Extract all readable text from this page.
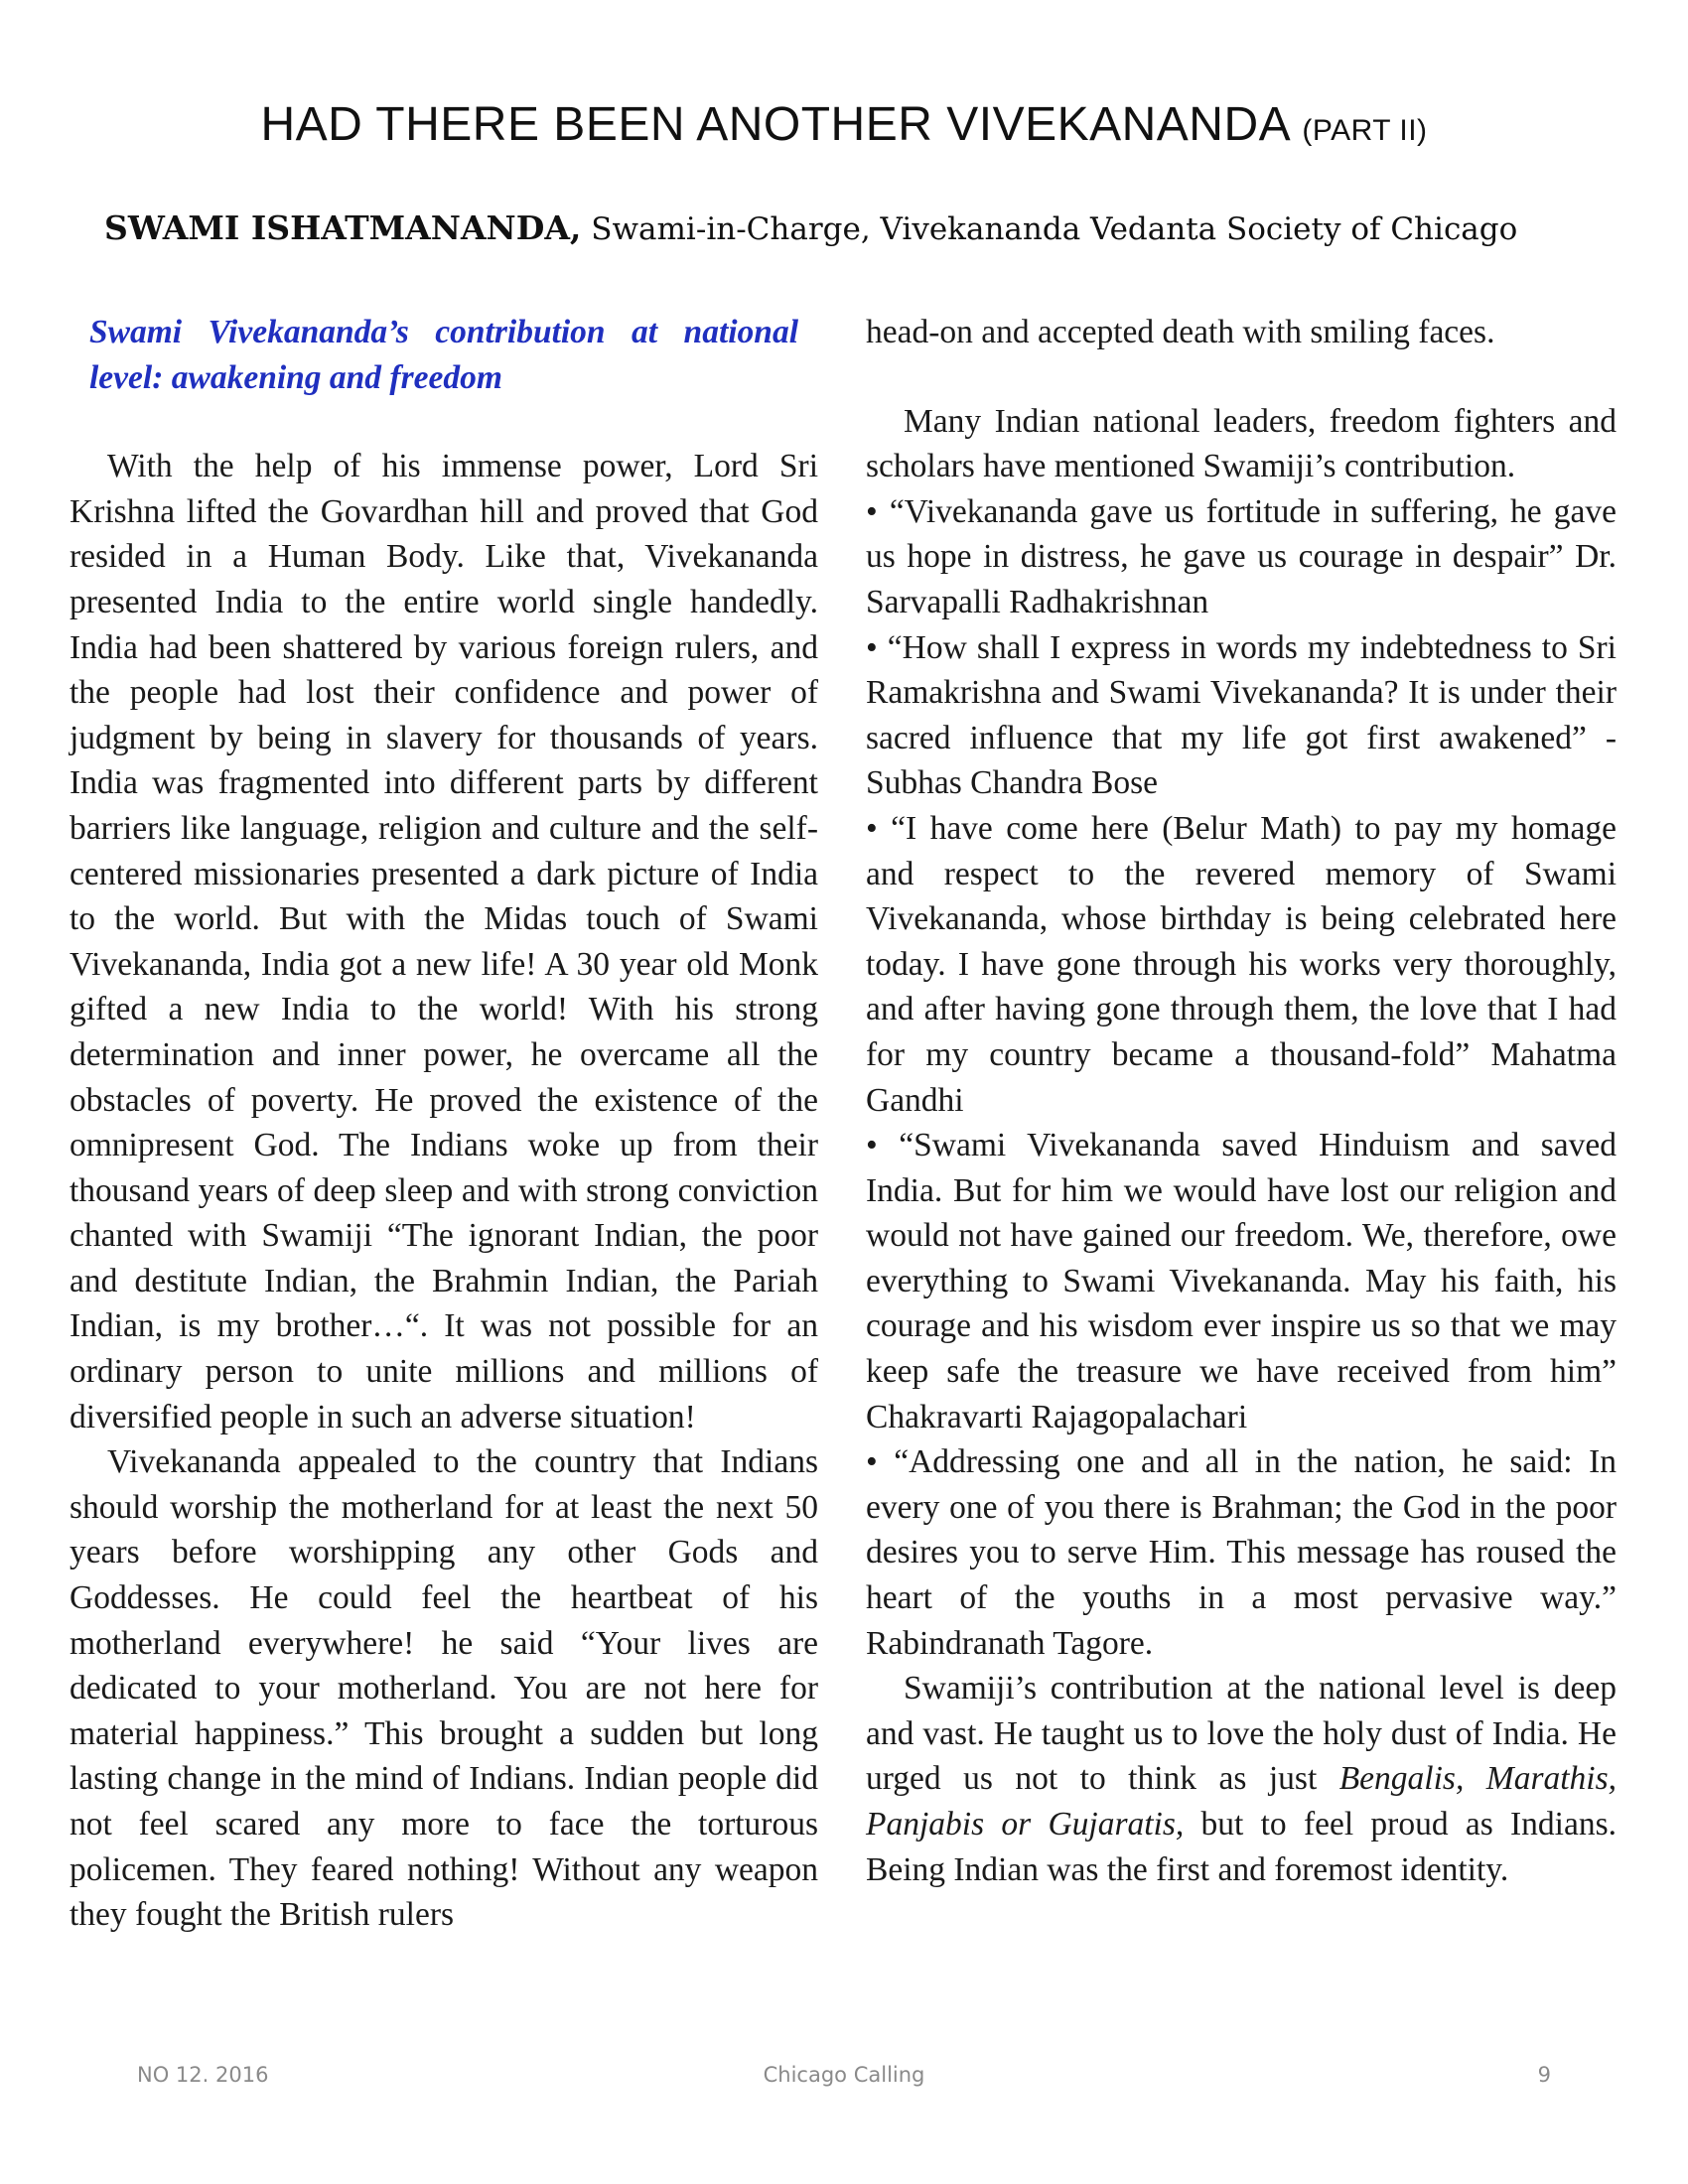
HAD THERE BEEN ANOTHER VIVEKANANDA (PART II)

SWAMI ISHATMANANDA, Swami-in-Charge, Vivekananda Vedanta Society of Chicago

Swami Vivekananda’s contribution at national level: awakening and freedom

With the help of his immense power, Lord Sri Krishna lifted the Govardhan hill and proved that God resided in a Human Body. Like that, Vivekananda presented India to the entire world single handedly. India had been shattered by various foreign rulers, and the people had lost their confidence and power of judgment by being in slavery for thousands of years. India was fragmented into different parts by different barriers like language, religion and culture and the self-centered missionaries presented a dark picture of India to the world. But with the Midas touch of Swami Vivekananda, India got a new life! A 30 year old Monk gifted a new India to the world! With his strong determination and inner power, he overcame all the obstacles of poverty. He proved the existence of the omnipresent God. The Indians woke up from their thousand years of deep sleep and with strong conviction chanted with Swamiji “The ignorant Indian, the poor and destitute Indian, the Brahmin Indian, the Pariah Indian, is my brother…“. It was not possible for an ordinary person to unite millions and millions of diversified people in such an adverse situation!

Vivekananda appealed to the country that Indians should worship the motherland for at least the next 50 years before worshipping any other Gods and Goddesses. He could feel the heartbeat of his motherland everywhere! he said “Your lives are dedicated to your motherland. You are not here for material happiness.” This brought a sudden but long lasting change in the mind of Indians. Indian people did not feel scared any more to face the torturous policemen. They feared nothing! Without any weapon they fought the British rulers

head-on and accepted death with smiling faces.

Many Indian national leaders, freedom fighters and scholars have mentioned Swamiji’s contribution.

• “Vivekananda gave us fortitude in suffering, he gave us hope in distress, he gave us courage in despair” Dr. Sarvapalli Radhakrishnan

• “How shall I express in words my indebtedness to Sri Ramakrishna and Swami Vivekananda? It is under their sacred influence that my life got first awakened” - Subhas Chandra Bose

• “I have come here (Belur Math) to pay my homage and respect to the revered memory of Swami Vivekananda, whose birthday is being celebrated here today. I have gone through his works very thoroughly, and after having gone through them, the love that I had for my country became a thousand-fold” Mahatma Gandhi

• “Swami Vivekananda saved Hinduism and saved India. But for him we would have lost our religion and would not have gained our freedom. We, therefore, owe everything to Swami Vivekananda. May his faith, his courage and his wisdom ever inspire us so that we may keep safe the treasure we have received from him” Chakravarti Rajagopalachari

• “Addressing one and all in the nation, he said: In every one of you there is Brahman; the God in the poor desires you to serve Him. This message has roused the heart of the youths in a most pervasive way.” Rabindranath Tagore.

Swamiji’s contribution at the national level is deep and vast. He taught us to love the holy dust of India. He urged us not to think as just Bengalis, Marathis, Panjabis or Gujaratis, but to feel proud as Indians. Being Indian was the first and foremost identity.

NO 12. 2016	Chicago Calling	9
